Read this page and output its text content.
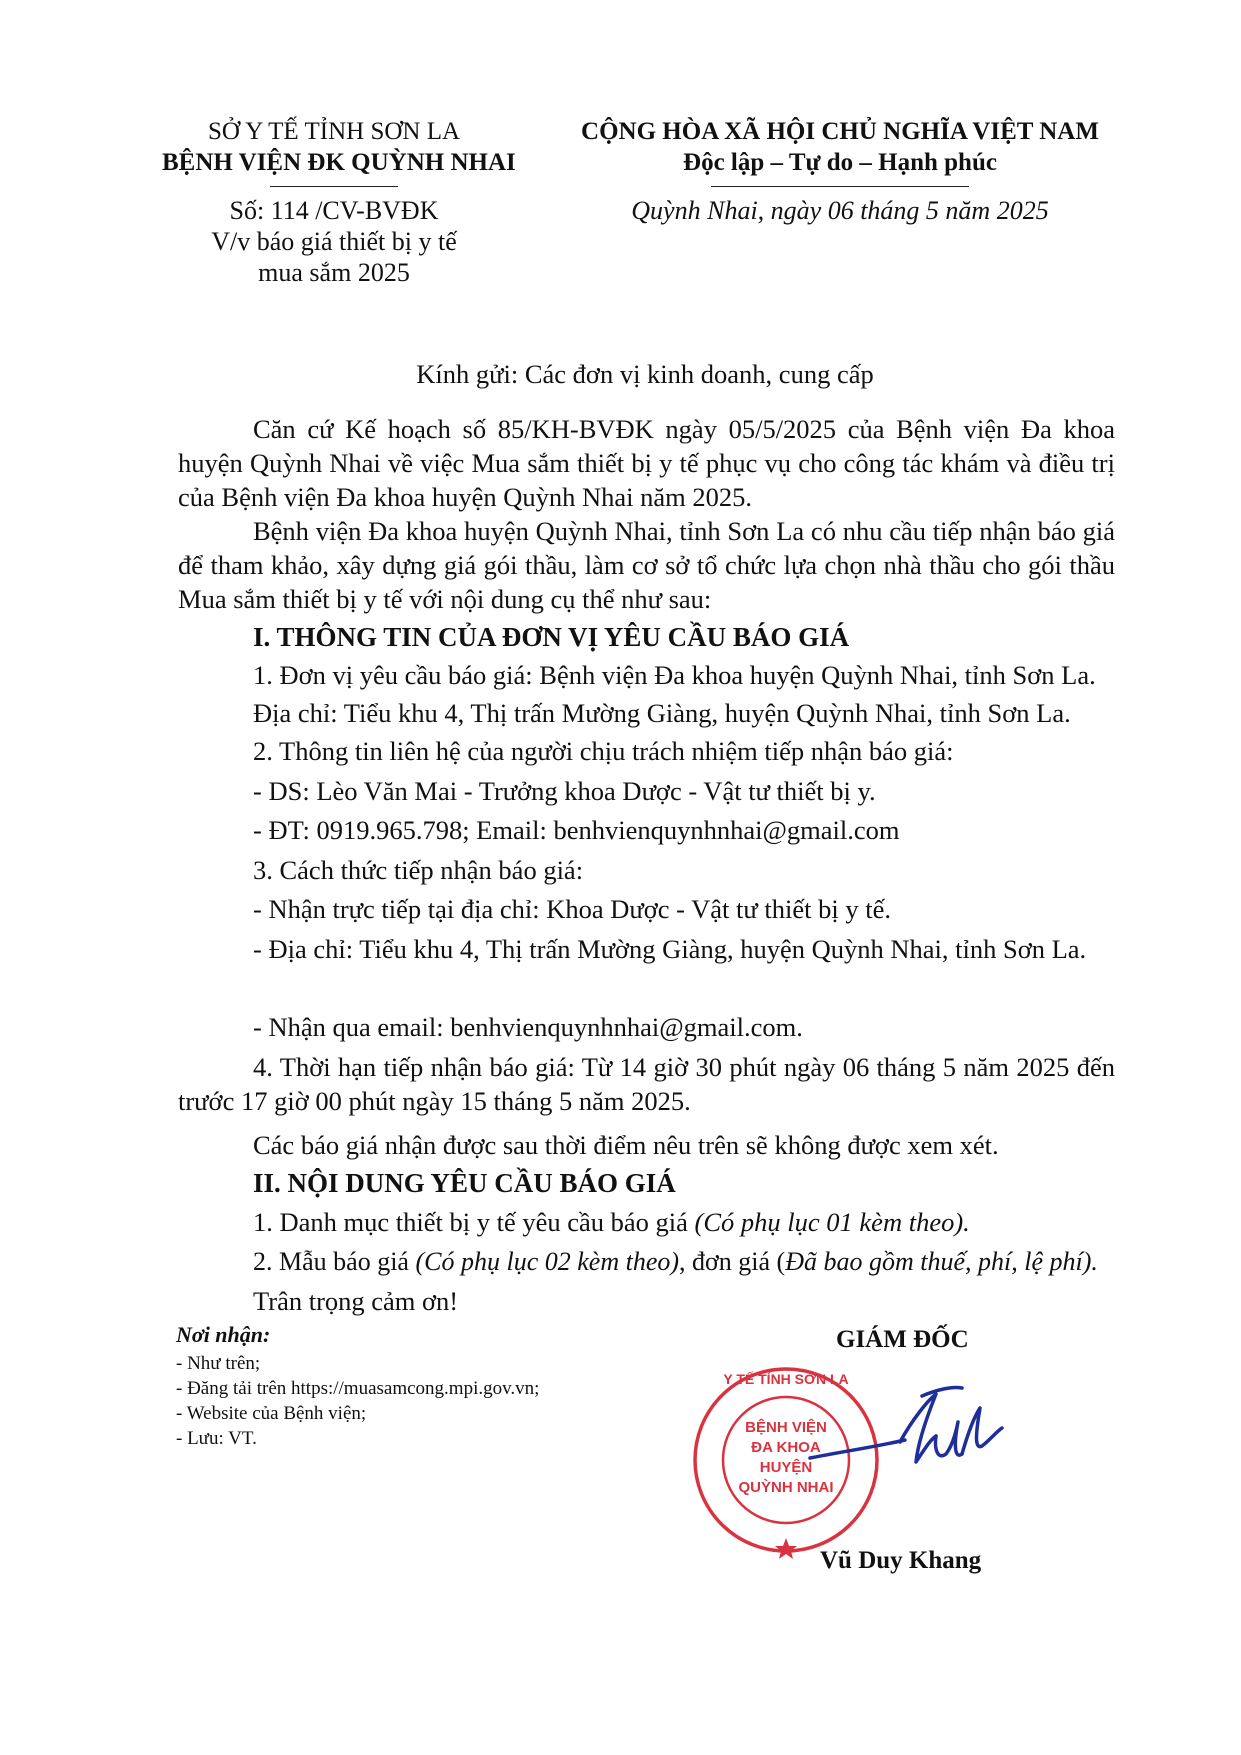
SỞ Y TẾ TỈNH SƠN LA
BỆNH VIỆN ĐK QUỲNH NHAI
Số: 114 /CV-BVĐK
V/v báo giá thiết bị y tế
mua sắm 2025
CỘNG HÒA XÃ HỘI CHỦ NGHĨA VIỆT NAM
Độc lập – Tự do – Hạnh phúc
Quỳnh Nhai, ngày 06 tháng 5 năm 2025
Kính gửi: Các đơn vị kinh doanh, cung cấp
Căn cứ Kế hoạch số 85/KH-BVĐK ngày 05/5/2025 của Bệnh viện Đa khoa huyện Quỳnh Nhai về việc Mua sắm thiết bị y tế phục vụ cho công tác khám và điều trị của Bệnh viện Đa khoa huyện Quỳnh Nhai năm 2025.
Bệnh viện Đa khoa huyện Quỳnh Nhai, tỉnh Sơn La có nhu cầu tiếp nhận báo giá để tham khảo, xây dựng giá gói thầu, làm cơ sở tổ chức lựa chọn nhà thầu cho gói thầu Mua sắm thiết bị y tế với nội dung cụ thể như sau:
I. THÔNG TIN CỦA ĐƠN VỊ YÊU CẦU BÁO GIÁ
1. Đơn vị yêu cầu báo giá: Bệnh viện Đa khoa huyện Quỳnh Nhai, tỉnh Sơn La.
Địa chỉ: Tiểu khu 4, Thị trấn Mường Giàng, huyện Quỳnh Nhai, tỉnh Sơn La.
2. Thông tin liên hệ của người chịu trách nhiệm tiếp nhận báo giá:
- DS: Lèo Văn Mai - Trưởng khoa Dược - Vật tư thiết bị y.
- ĐT: 0919.965.798; Email: benhvienquynhnhai@gmail.com
3. Cách thức tiếp nhận báo giá:
- Nhận trực tiếp tại địa chỉ: Khoa Dược - Vật tư thiết bị y tế.
- Địa chỉ: Tiểu khu 4, Thị trấn Mường Giàng, huyện Quỳnh Nhai, tỉnh Sơn La.
- Nhận qua email: benhvienquynhnhai@gmail.com.
4. Thời hạn tiếp nhận báo giá: Từ 14 giờ 30 phút ngày 06 tháng 5 năm 2025 đến trước 17 giờ 00 phút ngày 15 tháng 5 năm 2025.
Các báo giá nhận được sau thời điểm nêu trên sẽ không được xem xét.
II. NỘI DUNG YÊU CẦU BÁO GIÁ
1. Danh mục thiết bị y tế yêu cầu báo giá (Có phụ lục 01 kèm theo).
2. Mẫu báo giá (Có phụ lục 02 kèm theo), đơn giá (Đã bao gồm thuế, phí, lệ phí).
Trân trọng cảm ơn!
Nơi nhận:
- Như trên;
- Đăng tải trên https://muasamcong.mpi.gov.vn;
- Website của Bệnh viện;
- Lưu: VT.
GIÁM ĐỐC
Y TẾ TỈNH SƠN LA
BỆNH VIỆN
ĐA KHOA
HUYỆN
QUỲNH NHAI
Vũ Duy Khang
